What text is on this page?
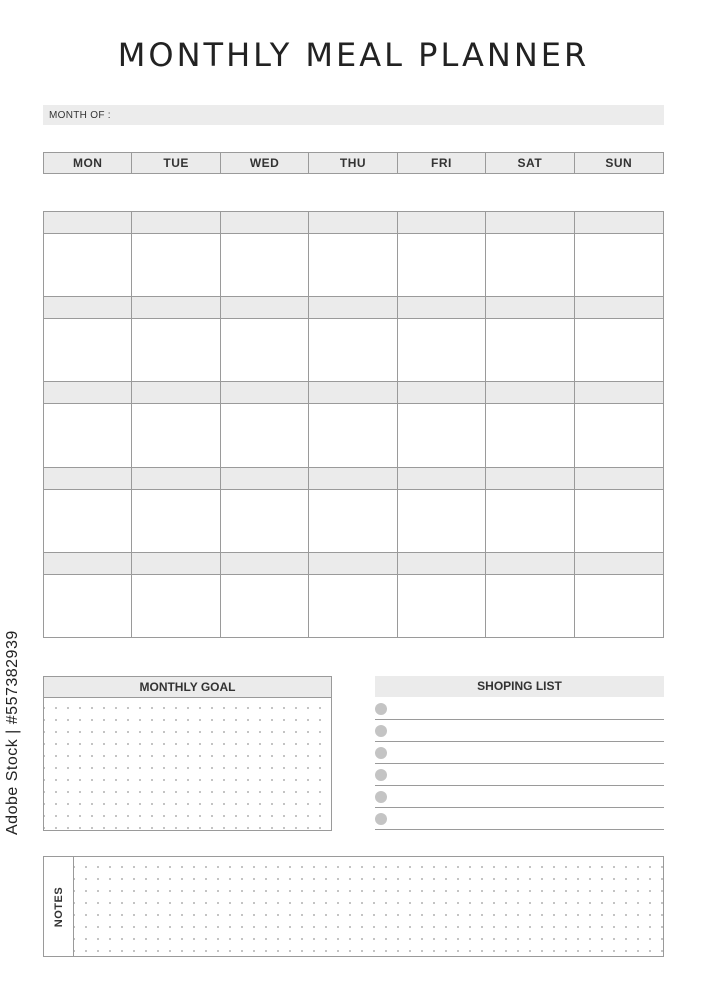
MONTHLY MEAL PLANNER
MONTH OF :
MON	TUE	WED	THU	FRI	SAT	SUN
MONTHLY GOAL	SHOPING LIST
NOTES
Adobe Stock | #557382939
